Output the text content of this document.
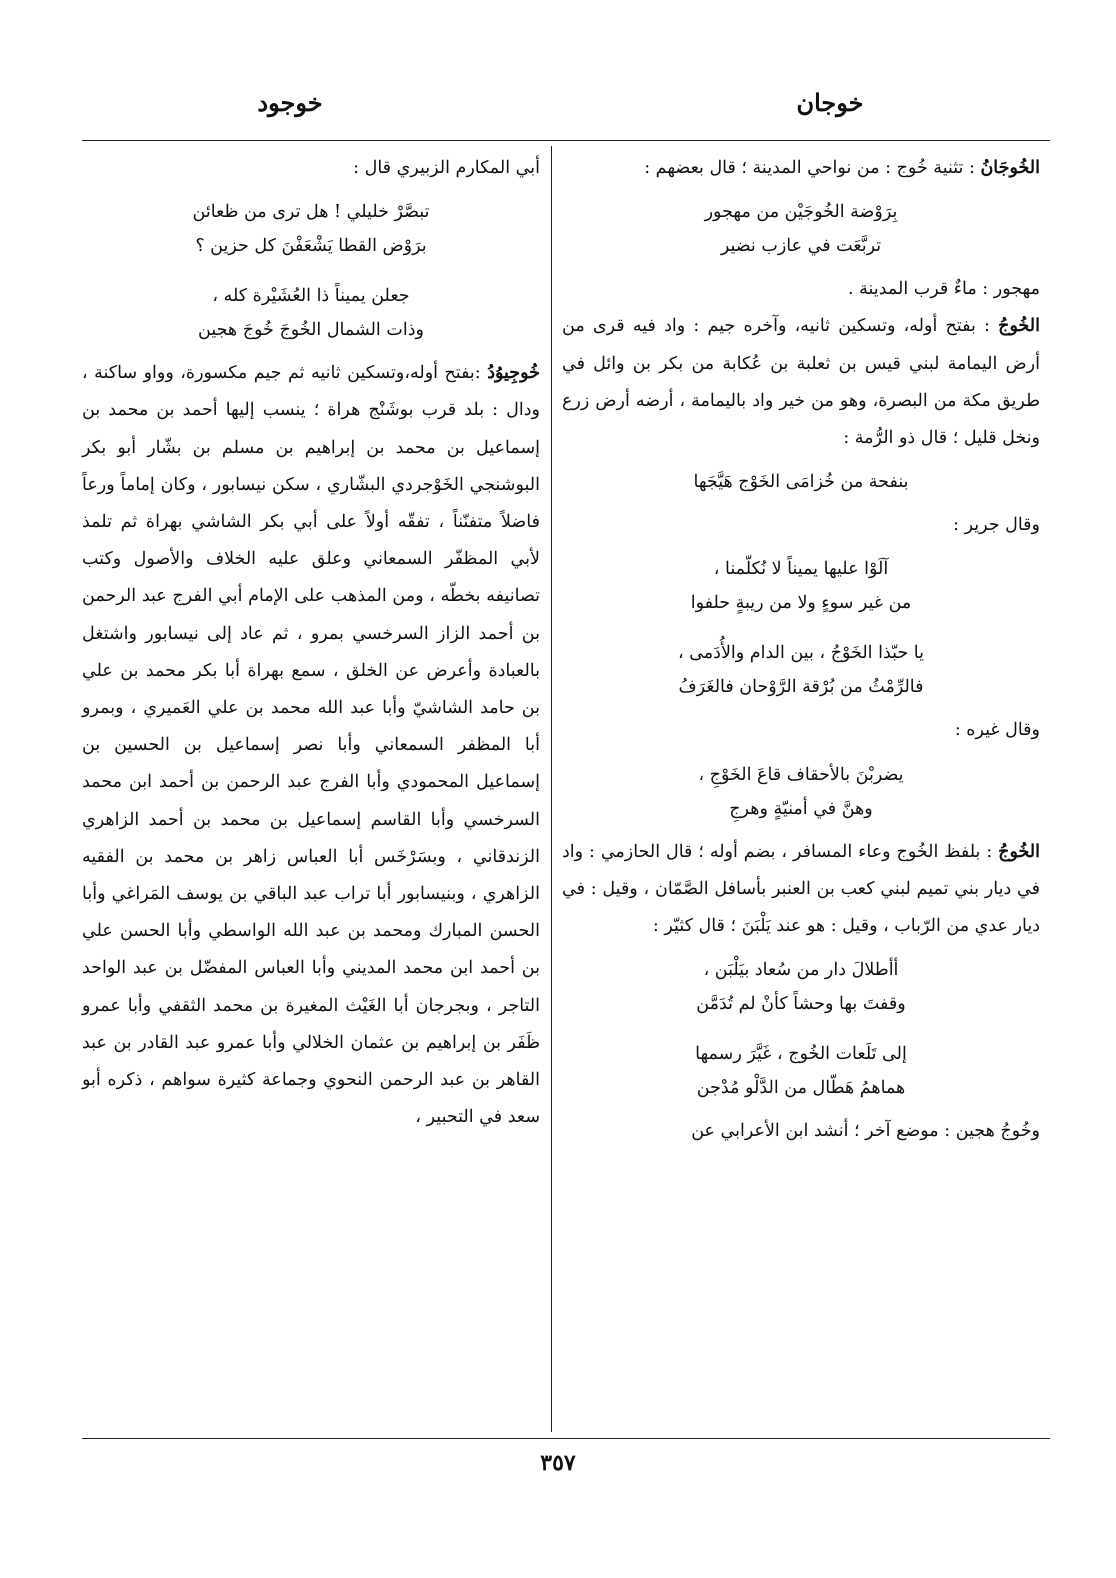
خوجان
خوجود

الخُوجَانُ : تثنية خُوج : من نواحي المدينة ؛ قال بعضهم :

بِرَوْضة الخُوجَيْن من مهجور
تربَّعَت في عازب نضير

مهجور : ماءٌ قرب المدينة .

الخُوجُ : بفتح أوله، وتسكين ثانيه، وآخره جيم : واد فيه قرى من أرض اليمامة لبني قيس بن ثعلبة بن عُكابة من بكر بن وائل في طريق مكة من البصرة، وهو من خير واد باليمامة ، أرضه أرض زرع ونخل قليل ؛ قال ذو الرُّمة :

بنفحة من خُزامَى الخَوْج هَيَّجَها

وقال جرير :

آلَوْا عليها يميناً لا نُكلّمنا ،
من غير سوءٍ ولا من ريبةٍ حلفوا
يا حبّذا الخَوْجُ ، بين الدام والأُدَمى ،
فالرِّمْثُ من بُرْقة الرَّوْحان فالغَرَفُ

وقال غيره :

يضربْنَ بالأحقاف قاعَ الخَوْجِ ،
وهنَّ في أمنيّةٍ وهرجِ

الخُوجُ : بلفظ الخُوج وعاء المسافر ، بضم أوله ؛ قال الحازمي : واد في ديار بني تميم لبني كعب بن العنبر بأسافل الصَّمّان ، وقيل : في ديار عدي من الرّباب ، وقيل : هو عند يَلْبَنَ ؛ قال كثيّر :

أأطلالَ دار من سُعاد بيَلْبَن ،
وقفتَ بها وحشاً كأنْ لم تُدَمَّن
إلى تَلَعات الخُوج ، غَيَّرَ رسمها
هماهمُ هَطّال من الدَّلْو مُدْجن

وخُوجُ هجين : موضع آخر ؛ أنشد ابن الأعرابي عن

أبي المكارم الزبيري قال :

تبصَّرْ خليلي ! هل ترى من ظعائن
برَوْض القطا يَشْعَفْنَ كل حزين ؟
جعلن يميناً ذا العُشَيْرة كله ،
وذات الشمال الخُوجَ خُوجَ هجين

خُوجِيوُدُ :بفتح أوله،وتسكين ثانيه ثم جيم مكسورة، وواو ساكنة ، ودال : بلد قرب بوشَنْج هراة ؛ ينسب إليها أحمد بن محمد بن إسماعيل بن محمد بن إبراهيم بن مسلم بن بشّار أبو بكر البوشنجي الخَوْجردي البشّاري ، سكن نيسابور ، وكان إماماً ورعاً فاضلاً متفنّناً ، تفقّه أولاً على أبي بكر الشاشي بهراة ثم تلمذ لأبي المظفّر السمعاني وعلق عليه الخلاف والأصول وكتب تصانيفه بخطّه ، ومن المذهب على الإمام أبي الفرج عبد الرحمن بن أحمد الزاز السرخسي بمرو ، ثم عاد إلى نيسابور واشتغل بالعبادة وأعرض عن الخلق ، سمع بهراة أبا بكر محمد بن علي بن حامد الشاشيّ وأبا عبد الله محمد بن علي العَميري ، وبمرو أبا المظفر السمعاني وأبا نصر إسماعيل بن الحسين بن إسماعيل المحمودي وأبا الفرج عبد الرحمن بن أحمد ابن محمد السرخسي وأبا القاسم إسماعيل بن محمد بن أحمد الزاهري الزندقاني ، وبسَرْخَس أبا العباس زاهر بن محمد بن الفقيه الزاهري ، وبنيسابور أبا تراب عبد الباقي بن يوسف المَراغي وأبا الحسن المبارك ومحمد بن عبد الله الواسطي وأبا الحسن علي بن أحمد ابن محمد المديني وأبا العباس المفضّل بن عبد الواحد التاجر ، وبجرجان أبا الغَيْث المغيرة بن محمد الثقفي وأبا عمرو ظَفَر بن إبراهيم بن عثمان الخلالي وأبا عمرو عبد القادر بن عبد القاهر بن عبد الرحمن النحوي وجماعة كثيرة سواهم ، ذكره أبو سعد في التحبير ،

٣٥٧
